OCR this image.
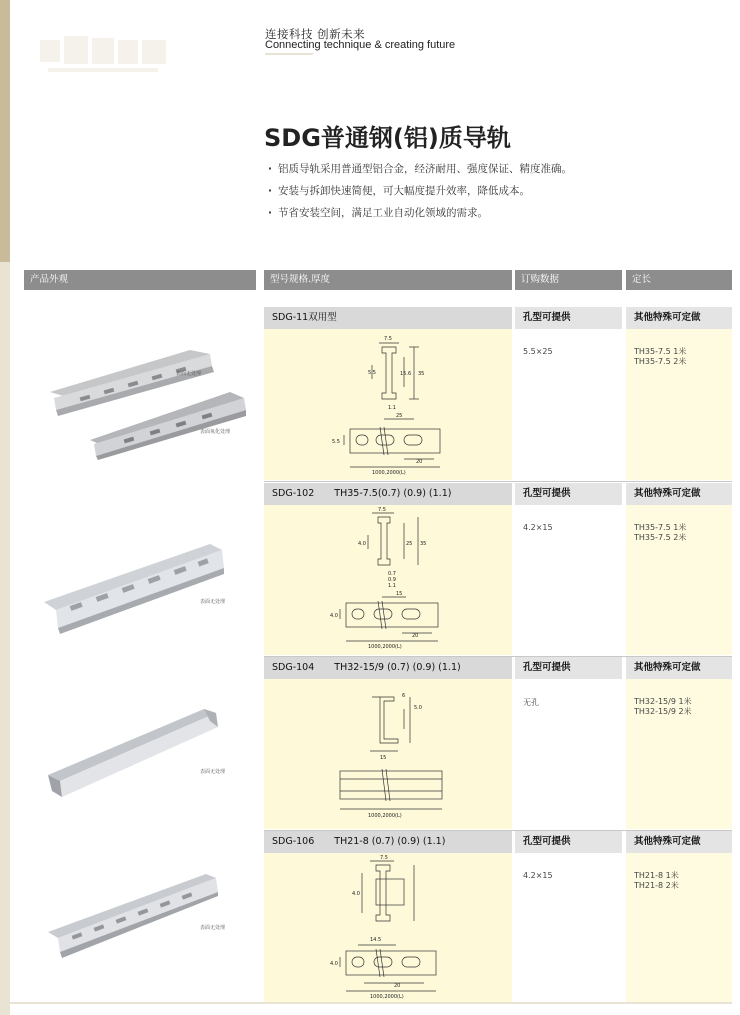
连接科技 创新未来
Connecting technique & creating future
SDG普通钢(铝)质导轨
· 铝质导轨采用普通型铝合金，经济耐用、强度保证、精度准确。
· 安装与拆卸快速简便，可大幅度提升效率，降低成本。
· 节省安装空间，满足工业自动化领域的需求。
产品外观	型号规格.厚度	订购数据	定长
SDG-11双用型	孔型可提供	其他特殊可定做
7.5
5.5	15.6 35
1.1
25
5.5
20
1000,2000(L)
5.5×25	TH35-7.5 1米
TH35-7.5 2米
表面无处理
表面氧化处理
SDG-102 TH35-7.5(0.7) (0.9) (1.1)	孔型可提供	其他特殊可定做
7.5
4.0	25 35
0.7
0.9
1.1
15
4.0
20
1000,2000(L)
4.2×15	TH35-7.5 1米
TH35-7.5 2米
表面无处理
SDG-104 TH32-15/9 (0.7) (0.9) (1.1)	孔型可提供	其他特殊可定做
6
5.0
15
1000,2000(L)
无孔	TH32-15/9 1米
TH32-15/9 2米
表面无处理
SDG-106 TH21-8 (0.7) (0.9) (1.1)	孔型可提供	其他特殊可定做
7.5
4.0
14.5
4.0
20
1000,2000(L)
4.2×15	TH21-8 1米
TH21-8 2米
表面无处理
